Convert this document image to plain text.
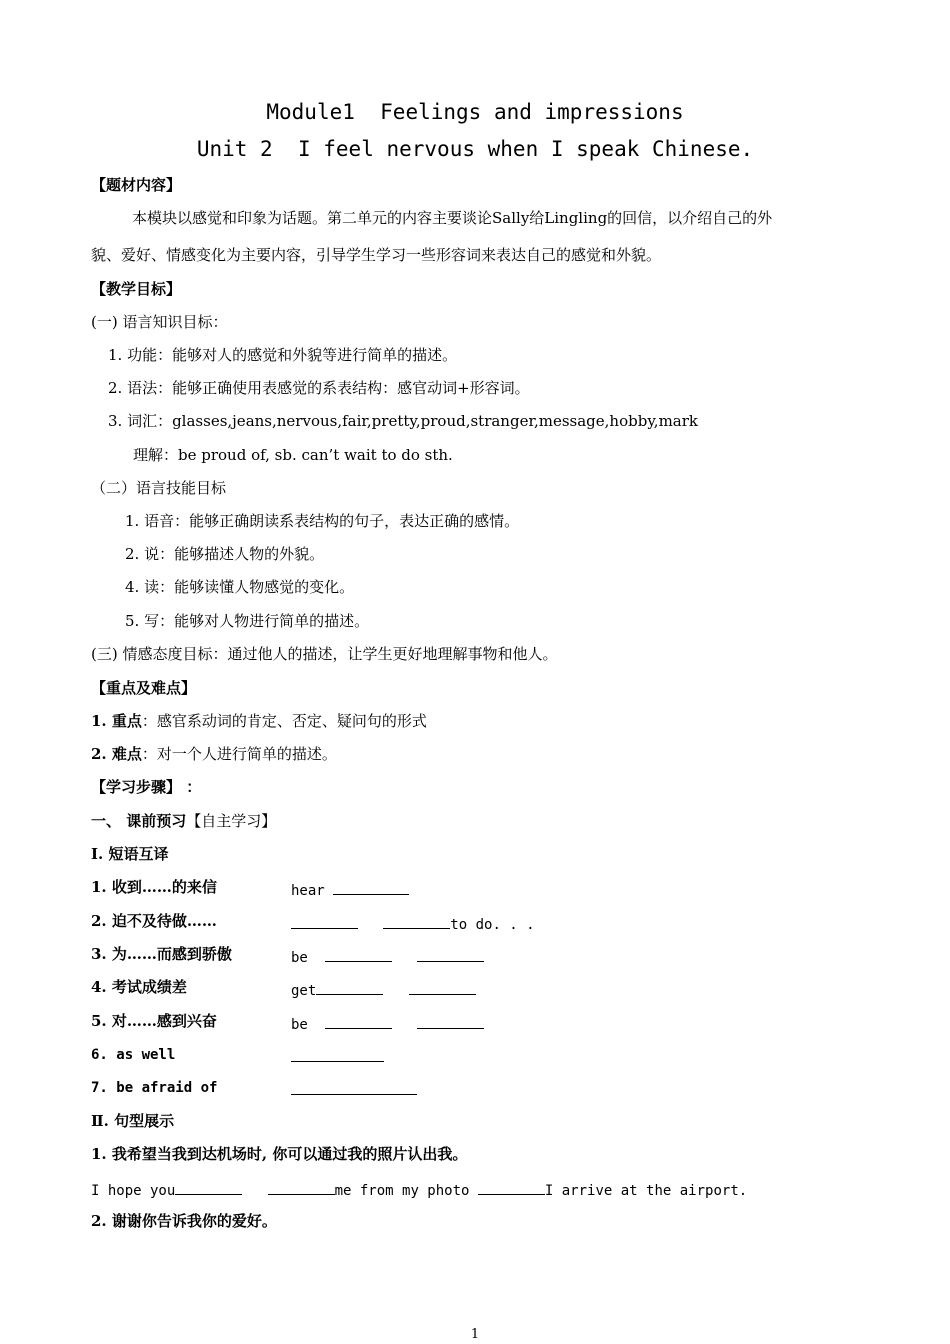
Module1  Feelings and impressions
Unit 2  I feel nervous when I speak Chinese.
【题材内容】
本模块以感觉和印象为话题。第二单元的内容主要谈论Sally给Lingling的回信，以介绍自己的外
貌、爱好、情感变化为主要内容，引导学生学习一些形容词来表达自己的感觉和外貌。
【教学目标】
(一) 语言知识目标：
1. 功能：能够对人的感觉和外貌等进行简单的描述。
2. 语法：能够正确使用表感觉的系表结构：感官动词+形容词。
3. 词汇：glasses,jeans,nervous,fair,pretty,proud,stranger,message,hobby,mark
理解：be proud of, sb. can’t wait to do sth.
（二）语言技能目标
1. 语音：能够正确朗读系表结构的句子，表达正确的感情。
2. 说：能够描述人物的外貌。
4. 读：能够读懂人物感觉的变化。
5. 写：能够对人物进行简单的描述。
(三) 情感态度目标：通过他人的描述，让学生更好地理解事物和他人。
【重点及难点】
1. 重点：感官系动词的肯定、否定、疑问句的形式
2. 难点：对一个人进行简单的描述。
【学习步骤】 ：
一、 课前预习【自主学习】
Ⅰ. 短语互译
1. 收到……的来信	hear
2. 迫不及待做……	to do. . .
3. 为……而感到骄傲	be
4. 考试成绩差	get
5. 对……感到兴奋	be
6. as well
7. be afraid of
Ⅱ. 句型展示
1. 我希望当我到达机场时, 你可以通过我的照片认出我。
I hope you	me from my photo	I arrive at the airport.
2. 谢谢你告诉我你的爱好。
1
